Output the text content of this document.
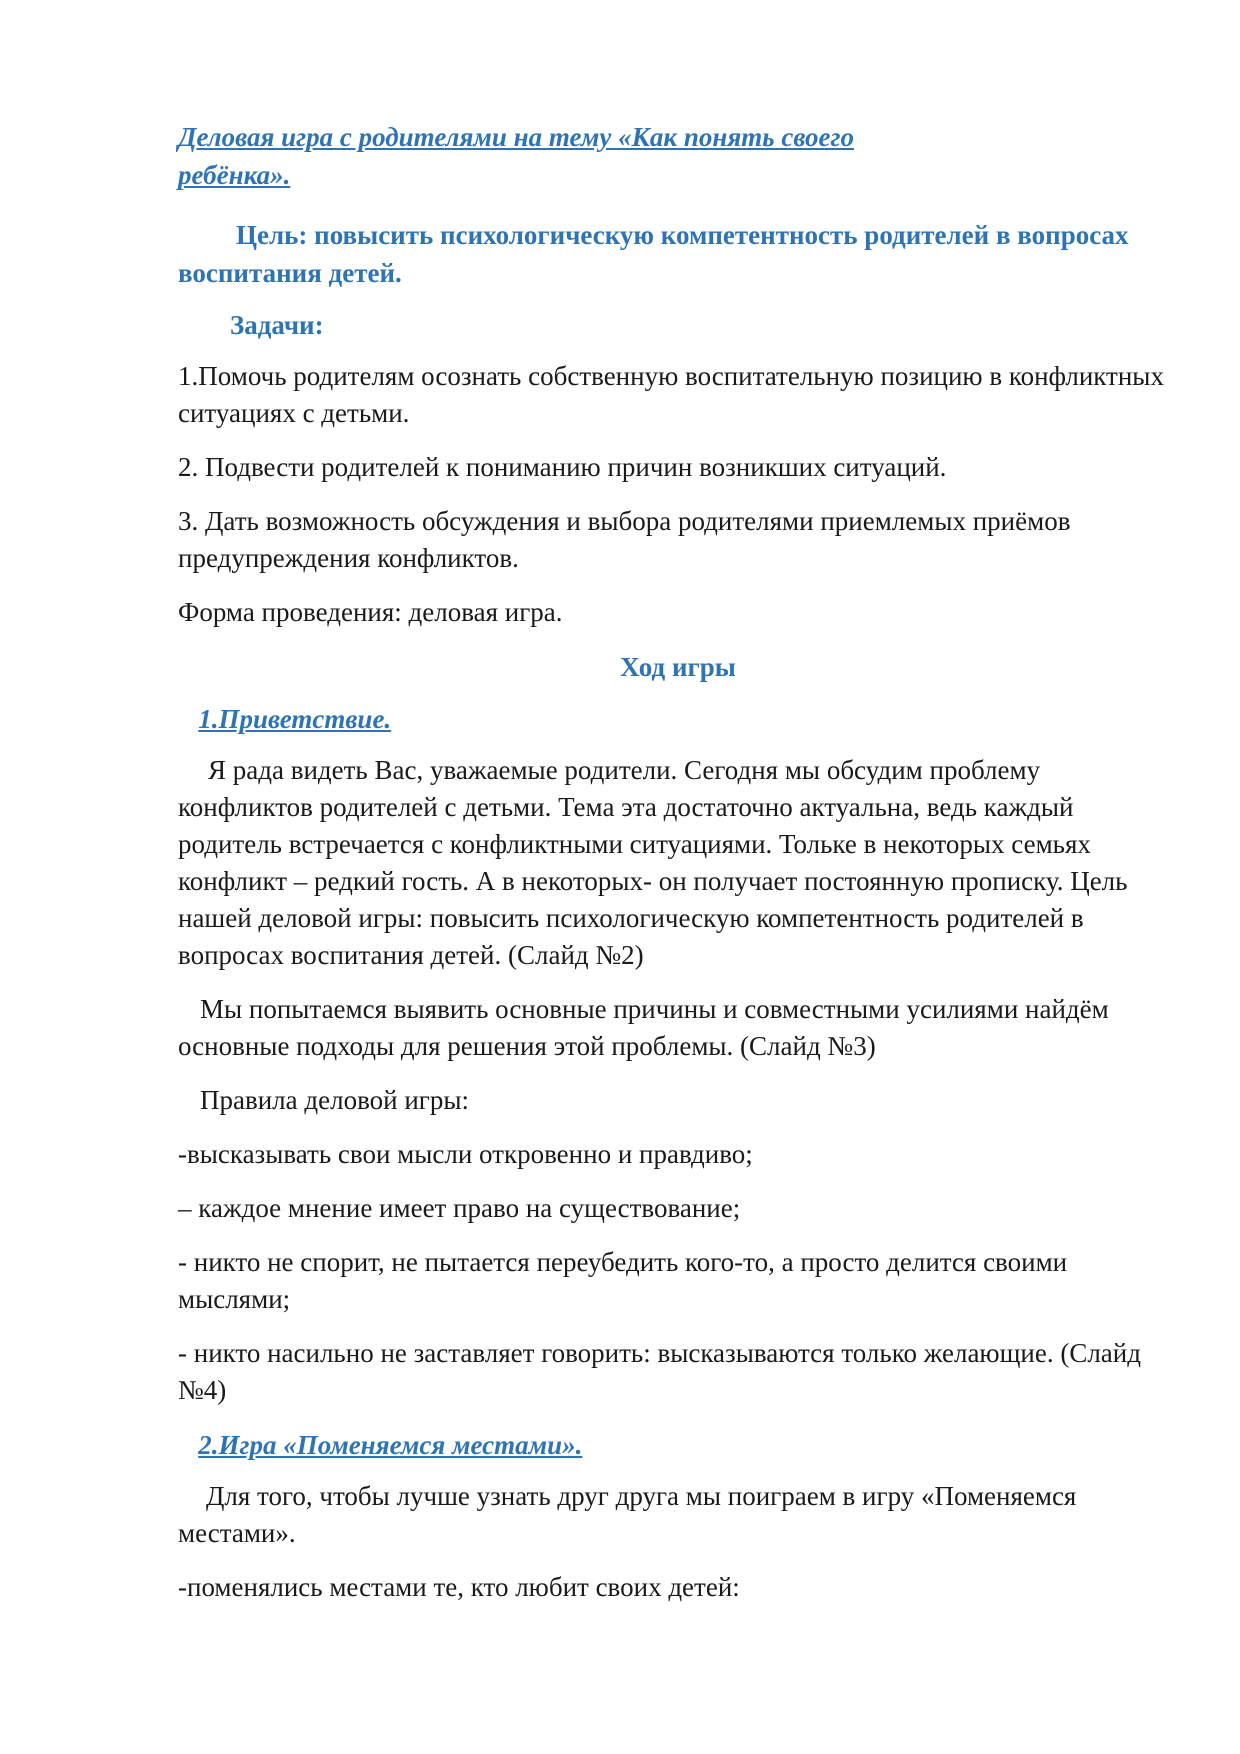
Деловая игра с родителями на тему «Как понять своего ребёнка».
Цель: повысить психологическую компетентность родителей в вопросах воспитания детей.
Задачи:
1.Помочь родителям осознать собственную воспитательную позицию в конфликтных ситуациях с детьми.
2. Подвести родителей к пониманию причин возникших ситуаций.
3. Дать возможность обсуждения и выбора родителями приемлемых приёмов предупреждения конфликтов.
Форма проведения: деловая игра.
Ход игры
1.Приветствие.
Я рада видеть Вас, уважаемые родители. Сегодня мы обсудим проблему конфликтов родителей с детьми. Тема эта достаточно актуальна, ведь каждый родитель встречается с конфликтными ситуациями. Тольке в некоторых семьях конфликт – редкий гость. А в некоторых- он получает постоянную прописку. Цель нашей деловой игры: повысить психологическую компетентность родителей в вопросах воспитания детей. (Слайд №2)
Мы попытаемся выявить основные причины и совместными усилиями найдём основные подходы для решения этой проблемы. (Слайд №3)
Правила деловой игры:
-высказывать свои мысли откровенно и правдиво;
– каждое мнение имеет право на существование;
- никто не спорит, не пытается переубедить кого-то, а просто делится своими мыслями;
- никто насильно не заставляет говорить: высказываются только желающие. (Слайд №4)
2.Игра «Поменяемся местами».
Для того, чтобы лучше узнать друг друга мы поиграем в игру «Поменяемся местами».
-поменялись местами те, кто любит своих детей:
